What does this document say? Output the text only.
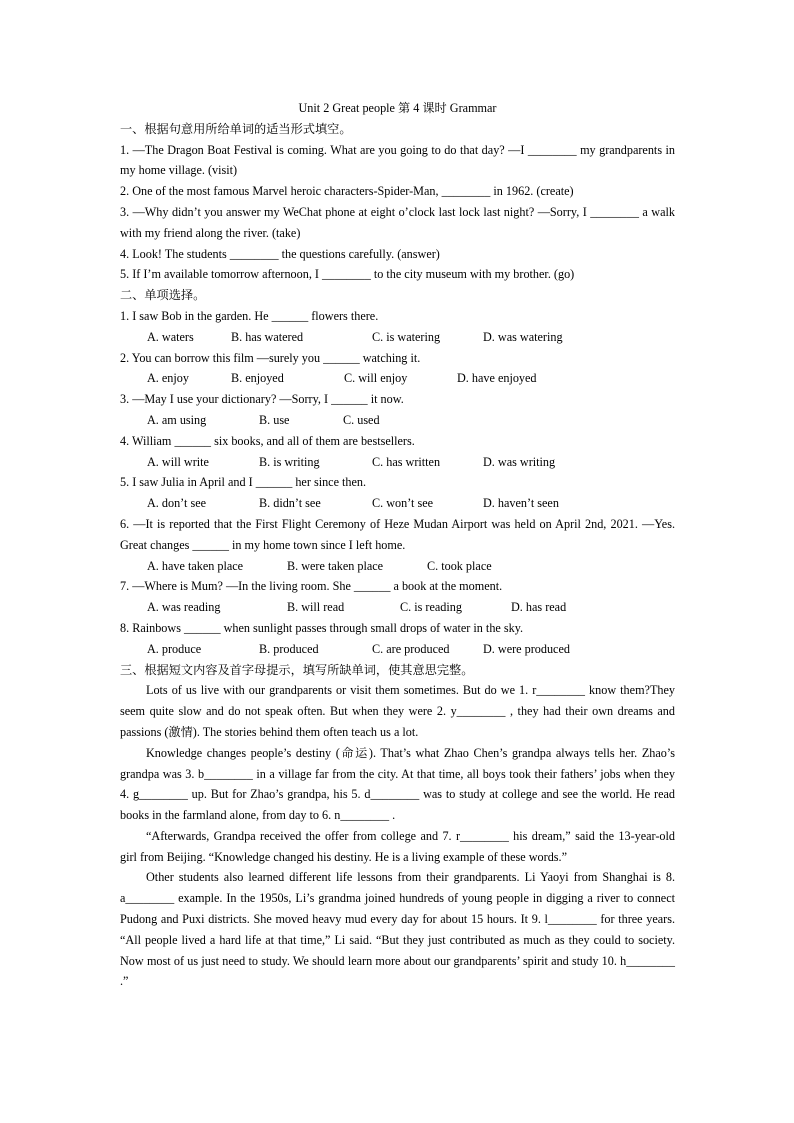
Unit 2 Great people 第 4 课时 Grammar
一、根据句意用所给单词的适当形式填空。
1. —The Dragon Boat Festival is coming. What are you going to do that day? —I ________ my grandparents in my home village. (visit)
2. One of the most famous Marvel heroic characters-Spider-Man, ________ in 1962. (create)
3. —Why didn’t you answer my WeChat phone at eight o’clock last lock last night? —Sorry, I ________ a walk with my friend along the river. (take)
4. Look! The students ________ the questions carefully. (answer)
5. If I’m available tomorrow afternoon, I ________ to the city museum with my brother. (go)
二、单项选择。
1. I saw Bob in the garden. He ______ flowers there.
A. waters	B. has watered	C. is watering	D. was watering
2. You can borrow this film —surely you ______ watching it.
A. enjoy	B. enjoyed	C. will enjoy	D. have enjoyed
3. —May I use your dictionary? —Sorry, I ______ it now.
A. am using	B. use	C. used
4. William ______ six books, and all of them are bestsellers.
A. will write	B. is writing	C. has written	D. was writing
5. I saw Julia in April and I ______ her since then.
A. don’t see	B. didn’t see	C. won’t see	D. haven’t seen
6. —It is reported that the First Flight Ceremony of Heze Mudan Airport was held on April 2nd, 2021. —Yes. Great changes ______ in my home town since I left home.
A. have taken place	B. were taken place	C. took place
7. —Where is Mum? —In the living room. She ______ a book at the moment.
A. was reading	B. will read	C. is reading	D. has read
8. Rainbows ______ when sunlight passes through small drops of water in the sky.
A. produce	B. produced	C. are produced	D. were produced
三、根据短文内容及首字母提示，填写所缺单词，使其意思完整。
Lots of us live with our grandparents or visit them sometimes. But do we 1. r________ know them?They seem quite slow and do not speak often. But when they were 2. y________ , they had their own dreams and passions (激情). The stories behind them often teach us a lot.
Knowledge changes people’s destiny (命运). That’s what Zhao Chen’s grandpa always tells her. Zhao’s grandpa was 3. b________ in a village far from the city. At that time, all boys took their fathers’ jobs when they 4. g________ up. But for Zhao’s grandpa, his 5. d________ was to study at college and see the world. He read books in the farmland alone, from day to 6. n________ .
“Afterwards, Grandpa received the offer from college and 7. r________ his dream,” said the 13-year-old girl from Beijing. “Knowledge changed his destiny. He is a living example of these words.”
Other students also learned different life lessons from their grandparents. Li Yaoyi from Shanghai is 8. a________ example. In the 1950s, Li’s grandma joined hundreds of young people in digging a river to connect Pudong and Puxi districts. She moved heavy mud every day for about 15 hours. It 9. l________ for three years. “All people lived a hard life at that time,” Li said. “But they just contributed as much as they could to society. Now most of us just need to study. We should learn more about our grandparents’ spirit and study 10. h________ .”
